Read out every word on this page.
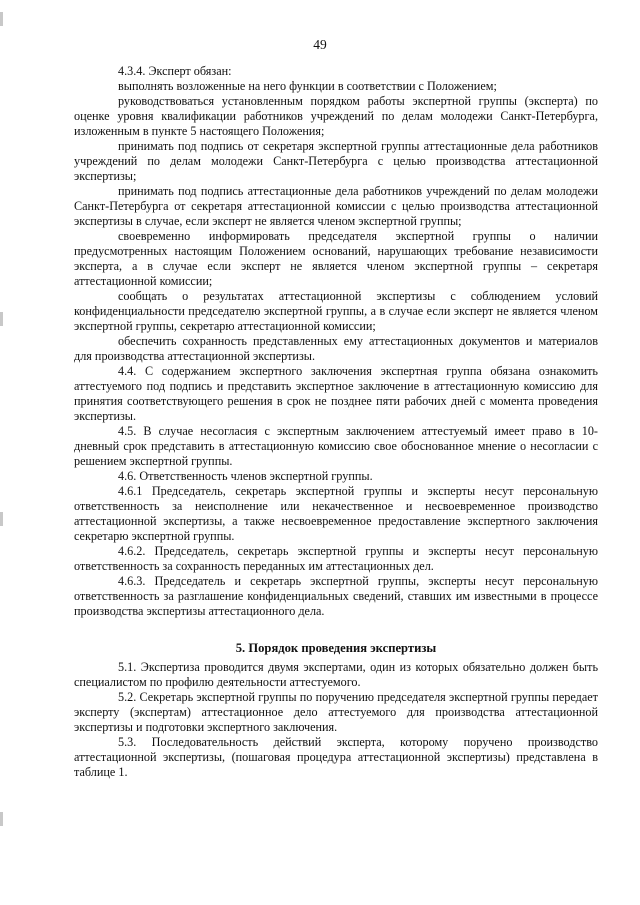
49

4.3.4. Эксперт обязан:

выполнять возложенные на него функции в соответствии с Положением;

руководствоваться установленным порядком работы экспертной группы (эксперта) по оценке уровня квалификации работников учреждений по делам молодежи Санкт-Петербурга, изложенным в пункте 5 настоящего Положения;

принимать под подпись от секретаря экспертной группы аттестационные дела работников учреждений по делам молодежи Санкт-Петербурга с целью производства аттестационной экспертизы;

принимать под подпись аттестационные дела работников учреждений по делам молодежи Санкт-Петербурга от секретаря аттестационной комиссии с целью производства аттестационной экспертизы в случае, если эксперт не является членом экспертной группы;

своевременно информировать председателя экспертной группы о наличии предусмотренных настоящим Положением оснований, нарушающих требование независимости эксперта, а в случае если эксперт не является членом экспертной группы – секретаря аттестационной комиссии;

сообщать о результатах аттестационной экспертизы с соблюдением условий конфиденциальности председателю экспертной группы, а в случае если эксперт не является членом экспертной группы, секретарю аттестационной комиссии;

обеспечить сохранность представленных ему аттестационных документов и материалов для производства аттестационной экспертизы.

4.4. С содержанием экспертного заключения экспертная группа обязана ознакомить аттестуемого под подпись и представить экспертное заключение в аттестационную комиссию для принятия соответствующего решения в срок не позднее пяти рабочих дней с момента проведения экспертизы.

4.5. В случае несогласия с экспертным заключением аттестуемый имеет право в 10-дневный срок представить в аттестационную комиссию свое обоснованное мнение о несогласии с решением экспертной группы.

4.6. Ответственность членов экспертной группы.

4.6.1 Председатель, секретарь экспертной группы и эксперты несут персональную ответственность за неисполнение или некачественное и несвоевременное производство аттестационной экспертизы, а также несвоевременное предоставление экспертного заключения секретарю экспертной группы.

4.6.2. Председатель, секретарь экспертной группы и эксперты несут персональную ответственность за сохранность переданных им аттестационных дел.

4.6.3. Председатель и секретарь экспертной группы, эксперты несут персональную ответственность за разглашение конфиденциальных сведений, ставших им известными в процессе производства экспертизы аттестационного дела.

5. Порядок проведения экспертизы

5.1. Экспертиза проводится двумя экспертами, один из которых обязательно должен быть специалистом по профилю деятельности аттестуемого.

5.2. Секретарь экспертной группы по поручению председателя экспертной группы передает эксперту (экспертам) аттестационное дело аттестуемого для производства аттестационной экспертизы и подготовки экспертного заключения.

5.3. Последовательность действий эксперта, которому поручено производство аттестационной экспертизы, (пошаговая процедура аттестационной экспертизы) представлена в таблице 1.
